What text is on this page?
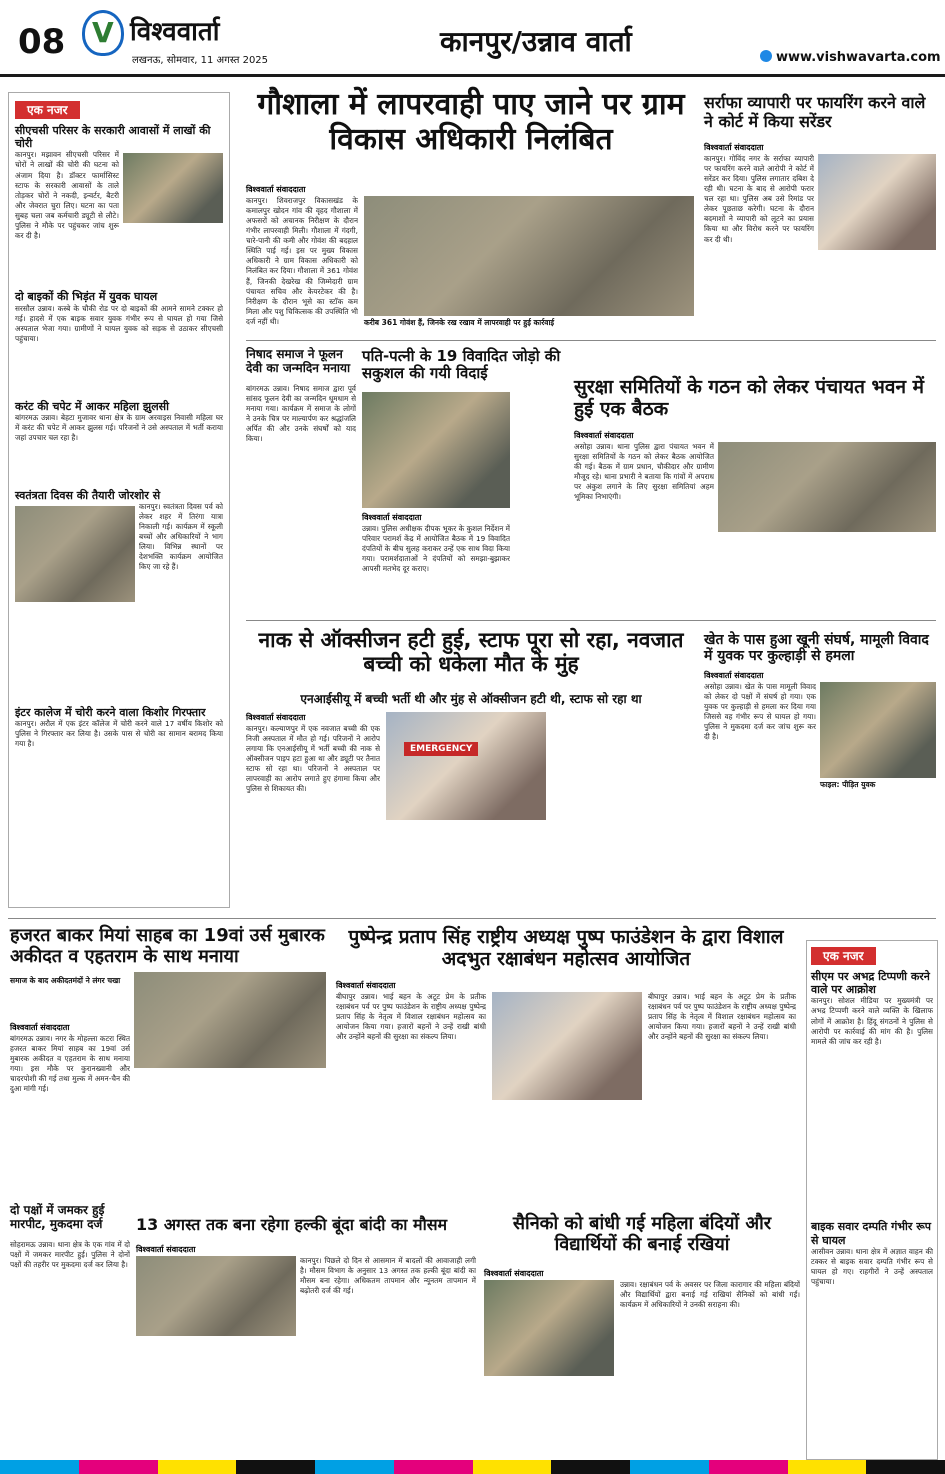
08 V विश्ववार्ता
लखनऊ, सोमवार, 11 अगस्त 2025
कानपुर/उन्नाव वार्ता	www.vishwavarta.com
एक नजर
सीएचसी परिसर के सरकारी आवासों में लाखों की चोरी
कानपुर। मझावन सीएचसी परिसर में चोरों ने लाखों की चोरी की घटना को अंजाम दिया है। डॉक्टर फार्मासिस्ट स्टाफ के सरकारी आवासों के ताले तोड़कर चोरों ने नकदी, इन्वर्टर, बैटरी और जेवरात चुरा लिए। घटना का पता सुबह चला जब कर्मचारी ड्यूटी से लौटे। पुलिस ने मौके पर पहुंचकर जांच शुरू कर दी है।
दो बाइकों की भिड़ंत में युवक घायल
सरसौल उन्नाव। कस्बे के चौकी रोड पर दो बाइकों की आमने सामने टक्कर हो गई। हादसे में एक बाइक सवार युवक गंभीर रूप से घायल हो गया जिसे अस्पताल भेजा गया। ग्रामीणों ने घायल युवक को सड़क से उठाकर सीएचसी पहुंचाया।
करंट की चपेट में आकर महिला झुलसी
बांगरमऊ उन्नाव। बेहटा मुजावर थाना क्षेत्र के ग्राम अरवाइस निवासी महिला घर में करंट की चपेट में आकर झुलस गई। परिजनों ने उसे अस्पताल में भर्ती कराया जहां उपचार चल रहा है।
स्वतंत्रता दिवस की तैयारी जोरशोर से
कानपुर। स्वतंत्रता दिवस पर्व को लेकर शहर में तिरंगा यात्रा निकाली गई। कार्यक्रम में स्कूली बच्चों और अधिकारियों ने भाग लिया। विभिन्न स्थानों पर देशभक्ति कार्यक्रम आयोजित किए जा रहे हैं।
इंटर कालेज में चोरी करने वाला किशोर गिरफ्तार
कानपुर। अरौल में एक इंटर कॉलेज में चोरी करने वाले 17 वर्षीय किशोर को पुलिस ने गिरफ्तार कर लिया है। उसके पास से चोरी का सामान बरामद किया गया है।
गौशाला में लापरवाही पाए जाने पर ग्राम विकास अधिकारी निलंबित
विश्ववार्ता संवाददाता
कानपुर। शिवराजपुर विकासखंड के कमालपुर खोदन गांव की वृहद गौशाला में अफसरों को अचानक निरीक्षण के दौरान गंभीर लापरवाही मिली। गौशाला में गंदगी, चारे-पानी की कमी और गोवंश की बदहाल स्थिति पाई गई। इस पर मुख्य विकास अधिकारी ने ग्राम विकास अधिकारी को निलंबित कर दिया। गौशाला में 361 गोवंश हैं, जिनकी देखरेख की जिम्मेदारी ग्राम पंचायत सचिव और केयरटेकर की है। निरीक्षण के दौरान भूसे का स्टॉक कम मिला और पशु चिकित्सक की उपस्थिति भी दर्ज नहीं थी।	करीब 361 गोवंश हैं, जिनके रख रखाव में लापरवाही पर हुई कार्रवाई
सर्राफा व्यापारी पर फायरिंग करने वाले ने कोर्ट में किया सरेंडर
विश्ववार्ता संवाददाता
कानपुर। गोविंद नगर के सर्राफा व्यापारी पर फायरिंग करने वाले आरोपी ने कोर्ट में सरेंडर कर दिया। पुलिस लगातार दबिश दे रही थी। घटना के बाद से आरोपी फरार चल रहा था। पुलिस अब उसे रिमांड पर लेकर पूछताछ करेगी। घटना के दौरान बदमाशों ने व्यापारी को लूटने का प्रयास किया था और विरोध करने पर फायरिंग कर दी थी।
निषाद समाज ने फूलन देवी का जन्मदिन मनाया
बांगरमऊ उन्नाव। निषाद समाज द्वारा पूर्व सांसद फूलन देवी का जन्मदिन धूमधाम से मनाया गया। कार्यक्रम में समाज के लोगों ने उनके चित्र पर माल्यार्पण कर श्रद्धांजलि अर्पित की और उनके संघर्षों को याद किया।
पति-पत्नी के 19 विवादित जोड़ो की सकुशल की गयी विदाई
विश्ववार्ता संवाददाता
उन्नाव। पुलिस अधीक्षक दीपक भूकर के कुशल निर्देशन में परिवार परामर्श केंद्र में आयोजित बैठक में 19 विवादित दंपतियों के बीच सुलह कराकर उन्हें एक साथ विदा किया गया। परामर्शदाताओं ने दंपतियों को समझा-बुझाकर आपसी मतभेद दूर कराए।
सुरक्षा समितियों के गठन को लेकर पंचायत भवन में हुई एक बैठक
विश्ववार्ता संवाददाता
असोहा उन्नाव। थाना पुलिस द्वारा पंचायत भवन में सुरक्षा समितियों के गठन को लेकर बैठक आयोजित की गई। बैठक में ग्राम प्रधान, चौकीदार और ग्रामीण मौजूद रहे। थाना प्रभारी ने बताया कि गांवों में अपराध पर अंकुश लगाने के लिए सुरक्षा समितियां अहम भूमिका निभाएंगी।
नाक से ऑक्सीजन हटी हुई, स्टाफ पूरा सो रहा, नवजात बच्ची को धकेला मौत के मुंह
एनआईसीयू में बच्ची भर्ती थी और मुंह से ऑक्सीजन हटी थी, स्टाफ सो रहा था
विश्ववार्ता संवाददाता
कानपुर। कल्याणपुर में एक नवजात बच्ची की एक निजी अस्पताल में मौत हो गई। परिजनों ने आरोप लगाया कि एनआईसीयू में भर्ती बच्ची की नाक से ऑक्सीजन पाइप हटा हुआ था और ड्यूटी पर तैनात स्टाफ सो रहा था। परिजनों ने अस्पताल पर लापरवाही का आरोप लगाते हुए हंगामा किया और पुलिस से शिकायत की।
EMERGENCY
खेत के पास हुआ खूनी संघर्ष, मामूली विवाद में युवक पर कुल्हाड़ी से हमला
विश्ववार्ता संवाददाता
असोहा उन्नाव। खेत के पास मामूली विवाद को लेकर दो पक्षों में संघर्ष हो गया। एक युवक पर कुल्हाड़ी से हमला कर दिया गया जिससे वह गंभीर रूप से घायल हो गया। पुलिस ने मुकदमा दर्ज कर जांच शुरू कर दी है।
फाइल: पीड़ित युवक
हजरत बाकर मियां साहब का 19वां उर्स मुबारक अकीदत व एहतराम के साथ मनाया
समाज के बाद अकीदतमंदों ने लंगर चखा
विश्ववार्ता संवाददाता
बांगरमऊ उन्नाव। नगर के मोहल्ला कटरा स्थित हजरत बाकर मियां साहब का 19वां उर्स मुबारक अकीदत व एहतराम के साथ मनाया गया। इस मौके पर कुरानख्वानी और चादरपोशी की गई तथा मुल्क में अमन-चैन की दुआ मांगी गई।
पुष्पेन्द्र प्रताप सिंह राष्ट्रीय अध्यक्ष पुष्प फाउंडेशन के द्वारा विशाल अदभुत रक्षाबंधन महोत्सव आयोजित
विश्ववार्ता संवाददाता
बीघापुर उन्नाव। भाई बहन के अटूट प्रेम के प्रतीक रक्षाबंधन पर्व पर पुष्प फाउंडेशन के राष्ट्रीय अध्यक्ष पुष्पेन्द्र प्रताप सिंह के नेतृत्व में विशाल रक्षाबंधन महोत्सव का आयोजन किया गया। हजारों बहनों ने उन्हें राखी बांधी और उन्होंने बहनों की सुरक्षा का संकल्प लिया।
बीघापुर उन्नाव। भाई बहन के अटूट प्रेम के प्रतीक रक्षाबंधन पर्व पर पुष्प फाउंडेशन के राष्ट्रीय अध्यक्ष पुष्पेन्द्र प्रताप सिंह के नेतृत्व में विशाल रक्षाबंधन महोत्सव का आयोजन किया गया। हजारों बहनों ने उन्हें राखी बांधी और उन्होंने बहनों की सुरक्षा का संकल्प लिया।
एक नजर
सीएम पर अभद्र टिप्पणी करने वाले पर आक्रोश
कानपुर। सोशल मीडिया पर मुख्यमंत्री पर अभद्र टिप्पणी करने वाले व्यक्ति के खिलाफ लोगों में आक्रोश है। हिंदू संगठनों ने पुलिस से आरोपी पर कार्रवाई की मांग की है। पुलिस मामले की जांच कर रही है।
बाइक सवार दम्पति गंभीर रूप से घायल
आसीवन उन्नाव। थाना क्षेत्र में अज्ञात वाहन की टक्कर से बाइक सवार दम्पति गंभीर रूप से घायल हो गए। राहगीरों ने उन्हें अस्पताल पहुंचाया।
दो पक्षों में जमकर हुई मारपीट, मुकदमा दर्ज
सोहरामऊ उन्नाव। थाना क्षेत्र के एक गांव में दो पक्षों में जमकर मारपीट हुई। पुलिस ने दोनों पक्षों की तहरीर पर मुकदमा दर्ज कर लिया है।
13 अगस्त तक बना रहेगा हल्की बूंदा बांदी का मौसम
विश्ववार्ता संवाददाता
कानपुर। पिछले दो दिन से आसमान में बादलों की आवाजाही लगी है। मौसम विभाग के अनुसार 13 अगस्त तक हल्की बूंदा बांदी का मौसम बना रहेगा। अधिकतम तापमान और न्यूनतम तापमान में बढ़ोतरी दर्ज की गई।
सैनिको को बांधी गई महिला बंदियों और विद्यार्थियों की बनाई रखियां
विश्ववार्ता संवाददाता
उन्नाव। रक्षाबंधन पर्व के अवसर पर जिला कारागार की महिला बंदियों और विद्यार्थियों द्वारा बनाई गई राखियां सैनिकों को बांधी गईं। कार्यक्रम में अधिकारियों ने उनकी सराहना की।
